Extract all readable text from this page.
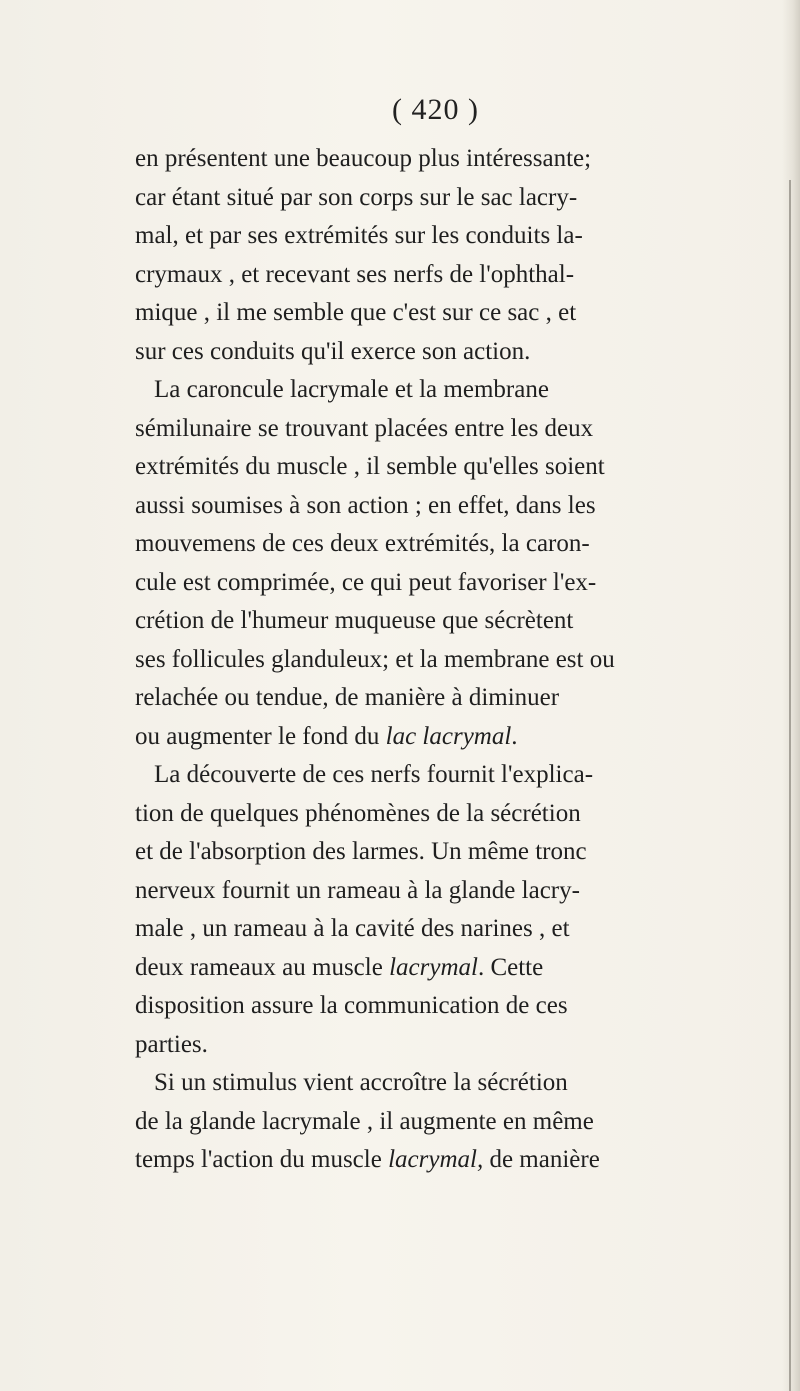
( 420 )
en présentent une beaucoup plus intéressante;
car étant situé par son corps sur le sac lacry-
mal, et par ses extrémités sur les conduits la-
crymaux , et recevant ses nerfs de l'ophthal-
mique , il me semble que c'est sur ce sac , et
sur ces conduits qu'il exerce son action.
La caroncule lacrymale et la membrane
sémilunaire se trouvant placées entre les deux
extrémités du muscle , il semble qu'elles soient
aussi soumises à son action ; en effet, dans les
mouvemens de ces deux extrémités, la caron-
cule est comprimée, ce qui peut favoriser l'ex-
crétion de l'humeur muqueuse que sécrètent
ses follicules glanduleux; et la membrane est ou
relachée ou tendue, de manière à diminuer
ou augmenter le fond du lac lacrymal.
La découverte de ces nerfs fournit l'explica-
tion de quelques phénomènes de la sécrétion
et de l'absorption des larmes. Un même tronc
nerveux fournit un rameau à la glande lacry-
male , un rameau à la cavité des narines , et
deux rameaux au muscle lacrymal. Cette
disposition assure la communication de ces
parties.
Si un stimulus vient accroître la sécrétion
de la glande lacrymale , il augmente en même
temps l'action du muscle lacrymal, de manière
